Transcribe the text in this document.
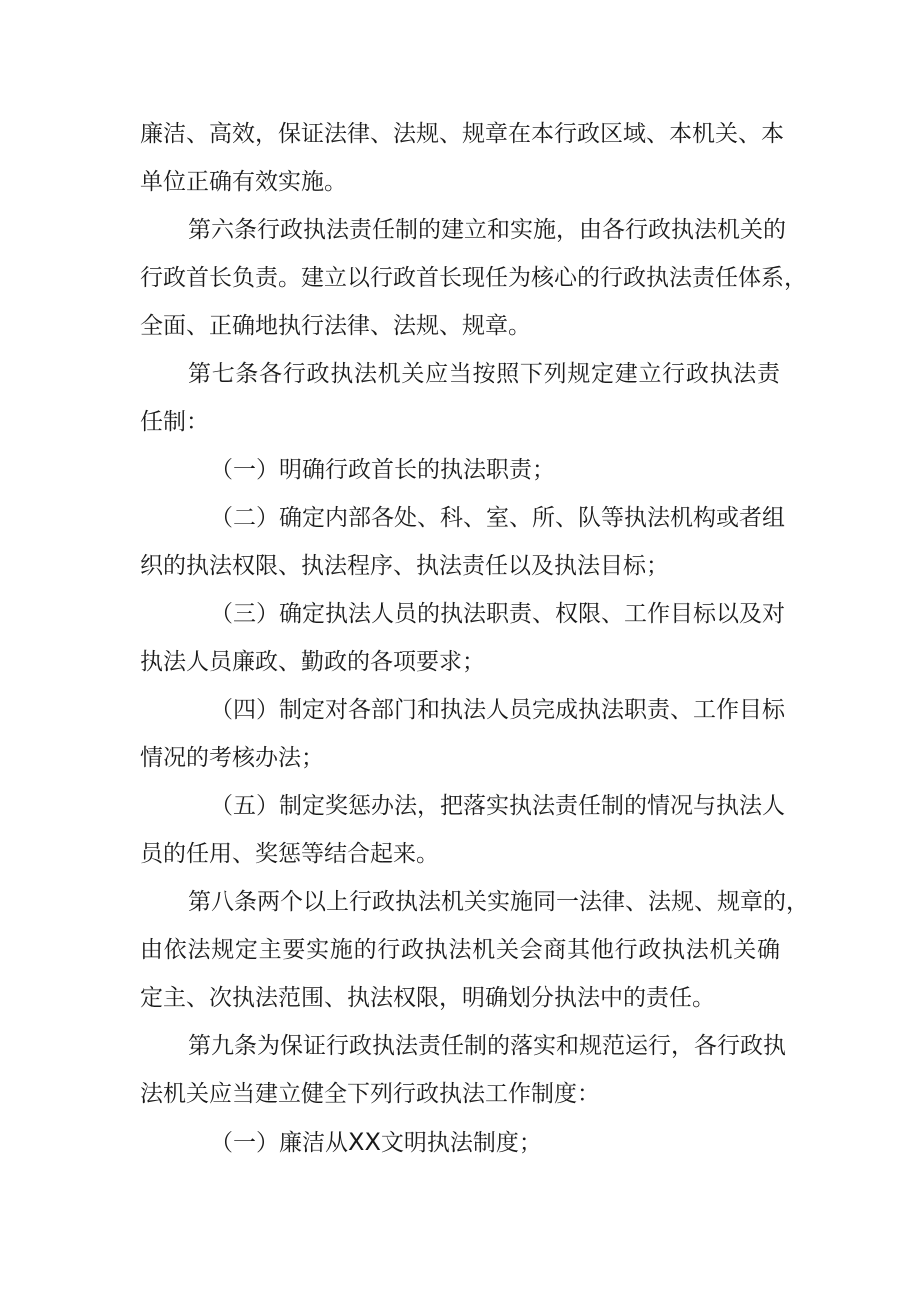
廉洁、高效，保证法律、法规、规章在本行政区域、本机关、本
单位正确有效实施。
第六条行政执法责任制的建立和实施，由各行政执法机关的
行政首长负责。建立以行政首长现任为核心的行政执法责任体系，
全面、正确地执行法律、法规、规章。
第七条各行政执法机关应当按照下列规定建立行政执法责
任制：
（一）明确行政首长的执法职责；
（二）确定内部各处、科、室、所、队等执法机构或者组
织的执法权限、执法程序、执法责任以及执法目标；
（三）确定执法人员的执法职责、权限、工作目标以及对
执法人员廉政、勤政的各项要求；
（四）制定对各部门和执法人员完成执法职责、工作目标
情况的考核办法；
（五）制定奖惩办法，把落实执法责任制的情况与执法人
员的任用、奖惩等结合起来。
第八条两个以上行政执法机关实施同一法律、法规、规章的，
由依法规定主要实施的行政执法机关会商其他行政执法机关确
定主、次执法范围、执法权限，明确划分执法中的责任。
第九条为保证行政执法责任制的落实和规范运行，各行政执
法机关应当建立健全下列行政执法工作制度：
（一）廉洁从XX文明执法制度；
